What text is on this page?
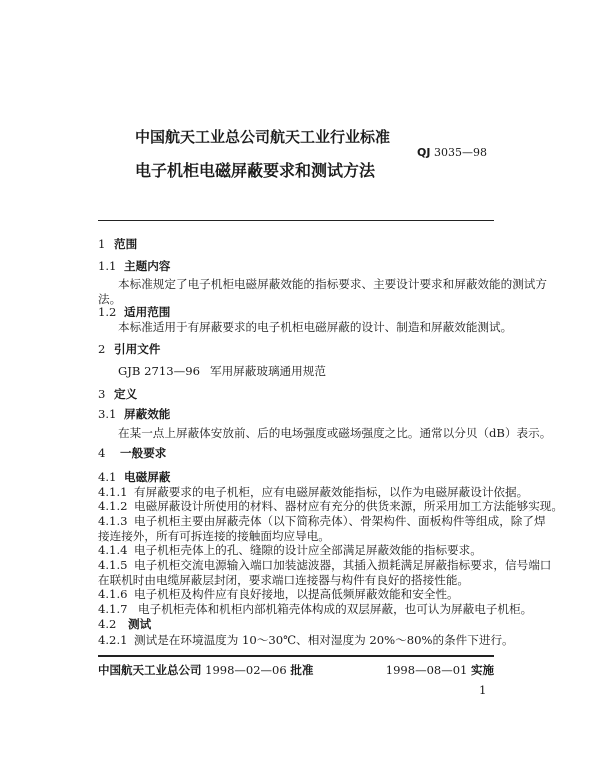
中国航天工业总公司航天工业行业标准
QJ 3035—98
电子机柜电磁屏蔽要求和测试方法
1 范围
1.1 主题内容
本标准规定了电子机柜电磁屏蔽效能的指标要求、主要设计要求和屏蔽效能的测试方
法。
1.2 适用范围
本标准适用于有屏蔽要求的电子机柜电磁屏蔽的设计、制造和屏蔽效能测试。
2 引用文件
GJB 2713—96 军用屏蔽玻璃通用规范
3 定义
3.1 屏蔽效能
在某一点上屏蔽体安放前、后的电场强度或磁场强度之比。通常以分贝（dB）表示。
4 一般要求
4.1 电磁屏蔽
4.1.1 有屏蔽要求的电子机柜，应有电磁屏蔽效能指标，以作为电磁屏蔽设计依据。
4.1.2 电磁屏蔽设计所使用的材料、器材应有充分的供货来源，所采用加工方法能够实现。
4.1.3 电子机柜主要由屏蔽壳体（以下简称壳体）、骨架构件、面板构件等组成，除了焊
接连接外，所有可拆连接的接触面均应导电。
4.1.4 电子机柜壳体上的孔、缝隙的设计应全部满足屏蔽效能的指标要求。
4.1.5 电子机柜交流电源输入端口加装滤波器，其插入损耗满足屏蔽指标要求，信号端口
在联机时由电缆屏蔽层封闭，要求端口连接器与构件有良好的搭接性能。
4.1.6 电子机柜及构件应有良好接地，以提高低频屏蔽效能和安全性。
4.1.7 电子机柜壳体和机柜内部机箱壳体构成的双层屏蔽，也可认为屏蔽电子机柜。
4.2 测试
4.2.1 测试是在环境温度为 10～30℃、相对湿度为 20%～80%的条件下进行。
中国航天工业总公司 1998—02—06 批准	1998—08—01 实施
1
